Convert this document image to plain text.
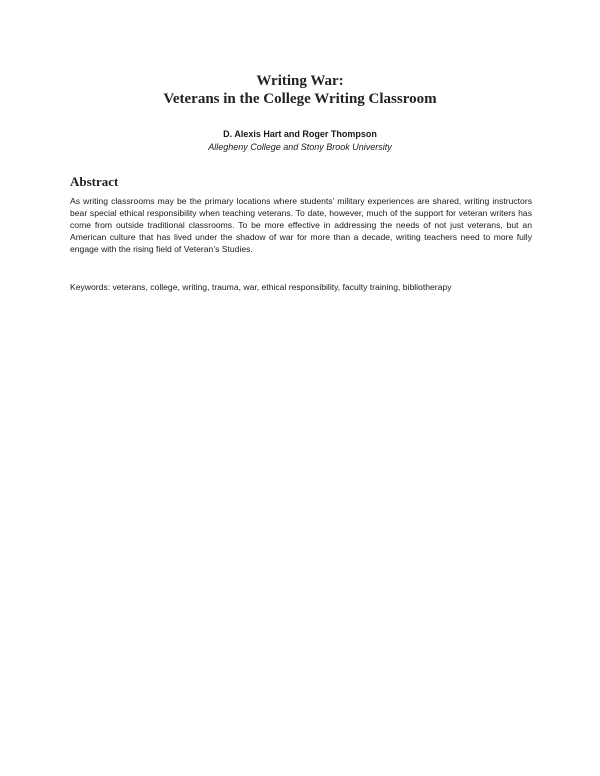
Writing War:
Veterans in the College Writing Classroom
D. Alexis Hart and Roger Thompson
Allegheny College and Stony Brook University
Abstract

As writing classrooms may be the primary locations where students’ military experiences are shared, writing instructors bear special ethical responsibility when teaching veterans. To date, however, much of the support for veteran writers has come from outside traditional classrooms. To be more effective in addressing the needs of not just veterans, but an American culture that has lived under the shadow of war for more than a decade, writing teachers need to more fully engage with the rising field of Veteran’s Studies.

Keywords: veterans, college, writing, trauma, war, ethical responsibility, faculty training, bibliotherapy
